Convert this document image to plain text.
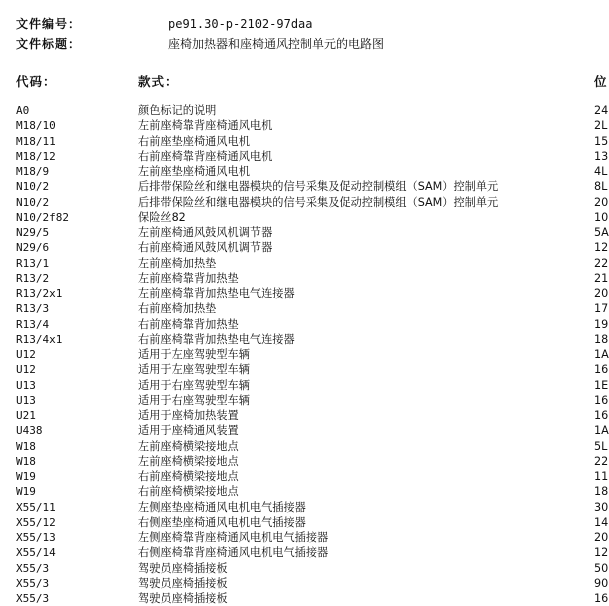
文件编号：	pe91.30-p-2102-97daa
文件标题：	座椅加热器和座椅通风控制单元的电路图
代码：	款式：	位
A0	颜色标记的说明	24
M18/10	左前座椅靠背座椅通风电机	2L
M18/11	右前座垫座椅通风电机	15
M18/12	右前座椅靠背座椅通风电机	13
M18/9	左前座垫座椅通风电机	4L
N10/2	后排带保险丝和继电器模块的信号采集及促动控制模组（SAM）控制单元	8L
N10/2	后排带保险丝和继电器模块的信号采集及促动控制模组（SAM）控制单元	20
N10/2f82	保险丝82	10
N29/5	左前座椅通风鼓风机调节器	5A
N29/6	右前座椅通风鼓风机调节器	12
R13/1	左前座椅加热垫	22
R13/2	左前座椅靠背加热垫	21
R13/2x1	左前座椅靠背加热垫电气连接器	20
R13/3	右前座椅加热垫	17
R13/4	右前座椅靠背加热垫	19
R13/4x1	右前座椅靠背加热垫电气连接器	18
U12	适用于左座驾驶型车辆	1A
U12	适用于左座驾驶型车辆	16
U13	适用于右座驾驶型车辆	1E
U13	适用于右座驾驶型车辆	16
U21	适用于座椅加热装置	16
U438	适用于座椅通风装置	1A
W18	左前座椅横梁接地点	5L
W18	左前座椅横梁接地点	22
W19	右前座椅横梁接地点	11
W19	右前座椅横梁接地点	18
X55/11	左侧座垫座椅通风电机电气插接器	30
X55/12	右侧座垫座椅通风电机电气插接器	14
X55/13	左侧座椅靠背座椅通风电机电气插接器	20
X55/14	右侧座椅靠背座椅通风电机电气插接器	12
X55/3	驾驶员座椅插接板	50
X55/3	驾驶员座椅插接板	90
X55/3	驾驶员座椅插接板	16
